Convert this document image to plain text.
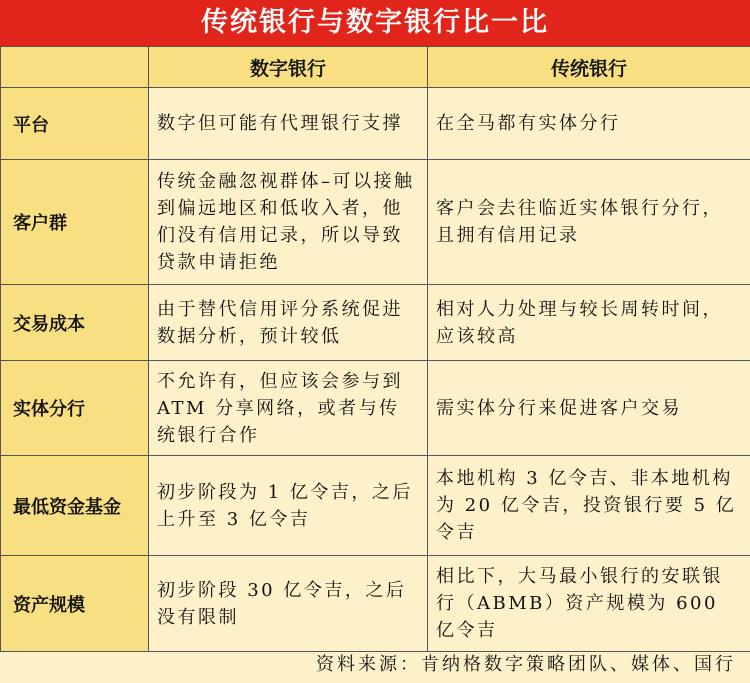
传统银行与数字银行比一比
	数字银行	传统银行
平台	数字但可能有代理银行支撑	在全马都有实体分行
客户群	传统金融忽视群体–可以接触到偏远地区和低收入者，他们没有信用记录，所以导致贷款申请拒绝	客户会去往临近实体银行分行，且拥有信用记录
交易成本	由于替代信用评分系统促进数据分析，预计较低	相对人力处理与较长周转时间，应该较高
实体分行	不允许有，但应该会参与到 ATM 分享网络，或者与传统银行合作	需实体分行来促进客户交易
最低资金基金	初步阶段为 1 亿令吉，之后上升至 3 亿令吉	本地机构 3 亿令吉、非本地机构为 20 亿令吉，投资银行要 5 亿令吉
资产规模	初步阶段 30 亿令吉，之后没有限制	相比下，大马最小银行的安联银行（ABMB）资产规模为 600 亿令吉
资料来源：肯纳格数字策略团队、媒体、国行
